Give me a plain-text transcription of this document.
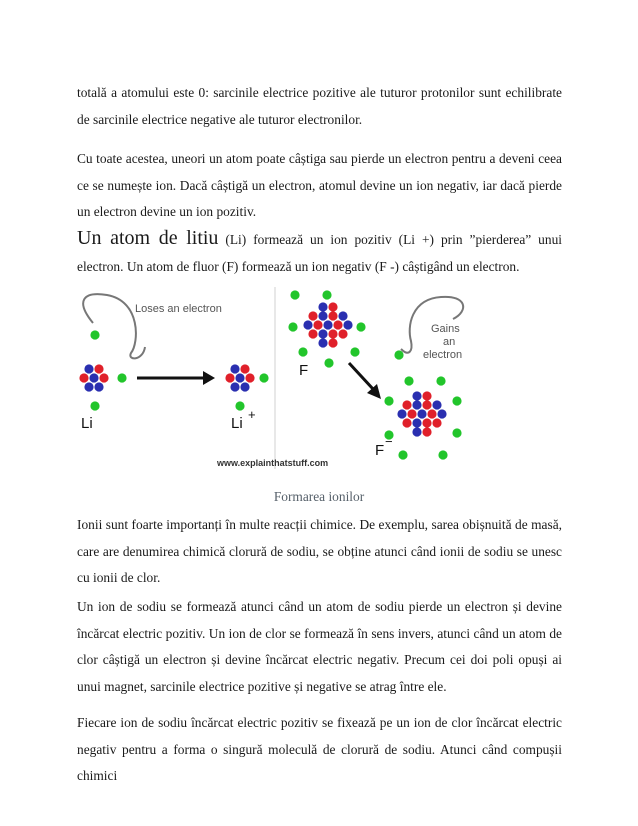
totală a atomului este 0: sarcinile electrice pozitive ale tuturor protonilor sunt echilibrate de sarcinile electrice negative ale tuturor electronilor.

Cu toate acestea, uneori un atom poate câștiga sau pierde un electron pentru a deveni ceea ce se numește ion. Dacă câștigă un electron, atomul devine un ion negativ, iar dacă pierde un electron devine un ion pozitiv.

Un atom de litiu (Li) formează un ion pozitiv (Li +) prin ”pierderea” unui electron. Un atom de fluor (F) formează un ion negativ (F -) câștigând un electron.

Loses an electron
Li	Li
+
F
Gains
an
electron
F
−
www.explainthatstuff.com
Formarea ionilor

Ionii sunt foarte importanți în multe reacții chimice. De exemplu, sarea obișnuită de masă, care are denumirea chimică clorură de sodiu, se obține atunci când ionii de sodiu se unesc cu ionii de clor.

Un ion de sodiu se formează atunci când un atom de sodiu pierde un electron și devine încărcat electric pozitiv. Un ion de clor se formează în sens invers, atunci când un atom de clor câștigă un electron și devine încărcat electric negativ. Precum cei doi poli opuși ai unui magnet, sarcinile electrice pozitive și negative se atrag între ele.

Fiecare ion de sodiu încărcat electric pozitiv se fixează pe un ion de clor încărcat electric negativ pentru a forma o singură moleculă de clorură de sodiu. Atunci când compușii chimici
